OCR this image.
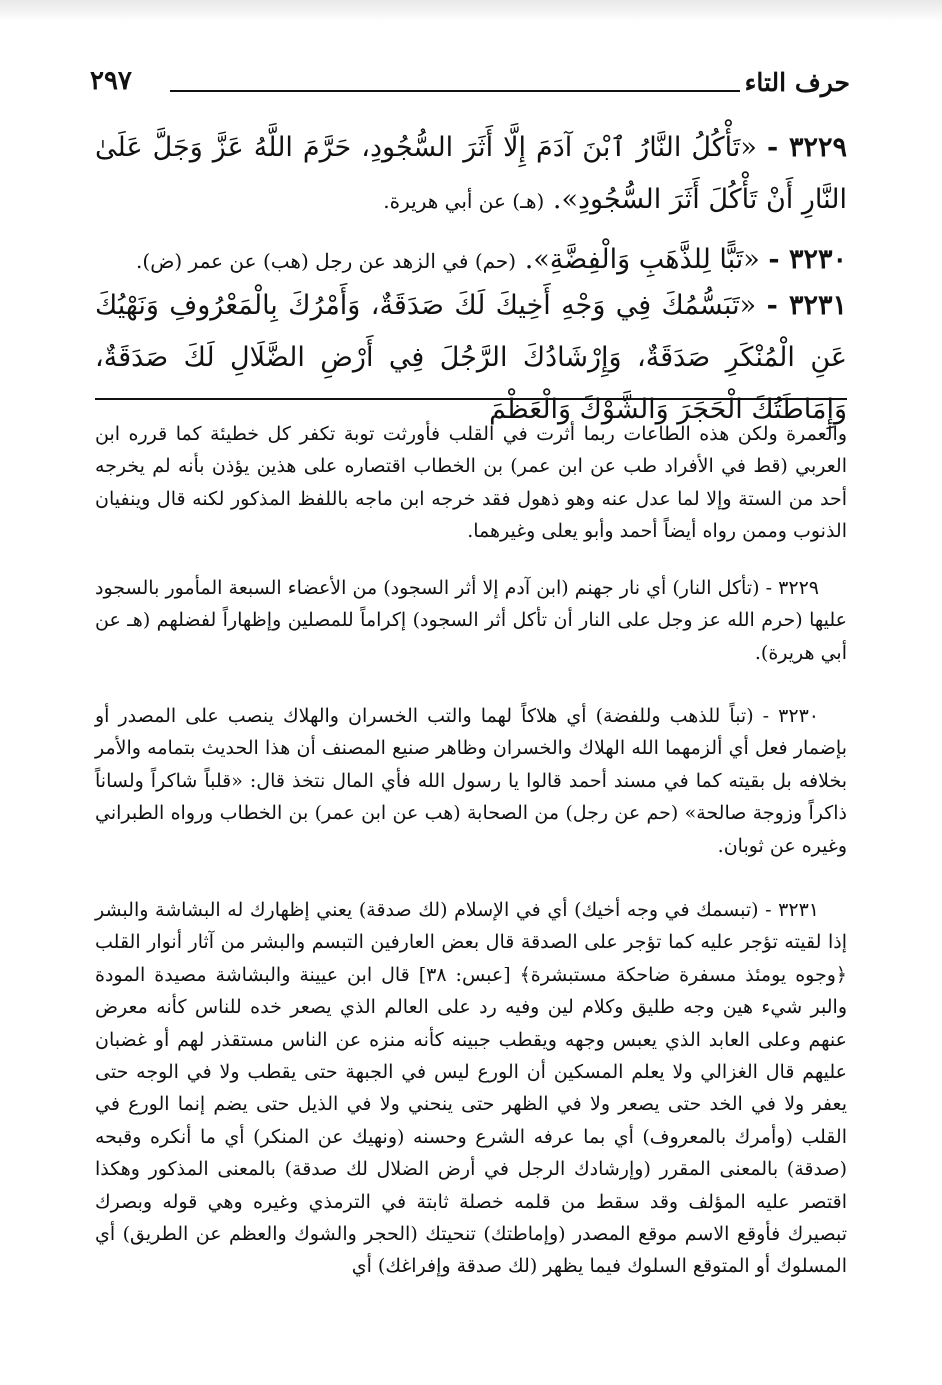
حرف التاء
٢٩٧

٣٢٢٩ - «تَأْكُلُ النَّارُ ٱبْنَ آدَمَ إِلَّا أَثَرَ السُّجُودِ، حَرَّمَ اللَّهُ عَزَّ وَجَلَّ عَلَىٰ النَّارِ أَنْ تَأْكُلَ أَثَرَ السُّجُودِ». (هـ) عن أبي هريرة.

٣٢٣٠ - «تَبًّا لِلذَّهَبِ وَالْفِضَّةِ». (حم) في الزهد عن رجل (هب) عن عمر (ض).

٣٢٣١ - «تَبَسُّمُكَ فِي وَجْهِ أَخِيكَ لَكَ صَدَقَةٌ، وَأَمْرُكَ بِالْمَعْرُوفِ وَنَهْيُكَ عَنِ الْمُنْكَرِ صَدَقَةٌ، وَإِرْشَادُكَ الرَّجُلَ فِي أَرْضِ الضَّلَالِ لَكَ صَدَقَةٌ، وَإِمَاطَتُكَ الْحَجَرَ وَالشَّوْكَ وَالْعَظْمَ

والعمرة ولكن هذه الطاعات ربما أثرت في القلب فأورثت توبة تكفر كل خطيئة كما قرره ابن العربي (قط في الأفراد طب عن ابن عمر) بن الخطاب اقتصاره على هذين يؤذن بأنه لم يخرجه أحد من الستة وإلا لما عدل عنه وهو ذهول فقد خرجه ابن ماجه باللفظ المذكور لكنه قال وينفيان الذنوب وممن رواه أيضاً أحمد وأبو يعلى وغيرهما.

٣٢٢٩ - (تأكل النار) أي نار جهنم (ابن آدم إلا أثر السجود) من الأعضاء السبعة المأمور بالسجود عليها (حرم الله عز وجل على النار أن تأكل أثر السجود) إكراماً للمصلين وإظهاراً لفضلهم (هـ عن أبي هريرة).

٣٢٣٠ - (تباً للذهب وللفضة) أي هلاكاً لهما والتب الخسران والهلاك ينصب على المصدر أو بإضمار فعل أي ألزمهما الله الهلاك والخسران وظاهر صنيع المصنف أن هذا الحديث بتمامه والأمر بخلافه بل بقيته كما في مسند أحمد قالوا يا رسول الله فأي المال نتخذ قال: «قلباً شاكراً ولساناً ذاكراً وزوجة صالحة» (حم عن رجل) من الصحابة (هب عن ابن عمر) بن الخطاب ورواه الطبراني وغيره عن ثوبان.

٣٢٣١ - (تبسمك في وجه أخيك) أي في الإسلام (لك صدقة) يعني إظهارك له البشاشة والبشر إذا لقيته تؤجر عليه كما تؤجر على الصدقة قال بعض العارفين التبسم والبشر من آثار أنوار القلب ﴿وجوه يومئذ مسفرة ضاحكة مستبشرة﴾ [عبس: ٣٨] قال ابن عيينة والبشاشة مصيدة المودة والبر شيء هين وجه طليق وكلام لين وفيه رد على العالم الذي يصعر خده للناس كأنه معرض عنهم وعلى العابد الذي يعبس وجهه ويقطب جبينه كأنه منزه عن الناس مستقذر لهم أو غضبان عليهم قال الغزالي ولا يعلم المسكين أن الورع ليس في الجبهة حتى يقطب ولا في الوجه حتى يعفر ولا في الخد حتى يصعر ولا في الظهر حتى ينحني ولا في الذيل حتى يضم إنما الورع في القلب (وأمرك بالمعروف) أي بما عرفه الشرع وحسنه (ونهيك عن المنكر) أي ما أنكره وقبحه (صدقة) بالمعنى المقرر (وإرشادك الرجل في أرض الضلال لك صدقة) بالمعنى المذكور وهكذا اقتصر عليه المؤلف وقد سقط من قلمه خصلة ثابتة في الترمذي وغيره وهي قوله وبصرك تبصيرك فأوقع الاسم موقع المصدر (وإماطتك) تنحيتك (الحجر والشوك والعظم عن الطريق) أي المسلوك أو المتوقع السلوك فيما يظهر (لك صدقة وإفراغك) أي
